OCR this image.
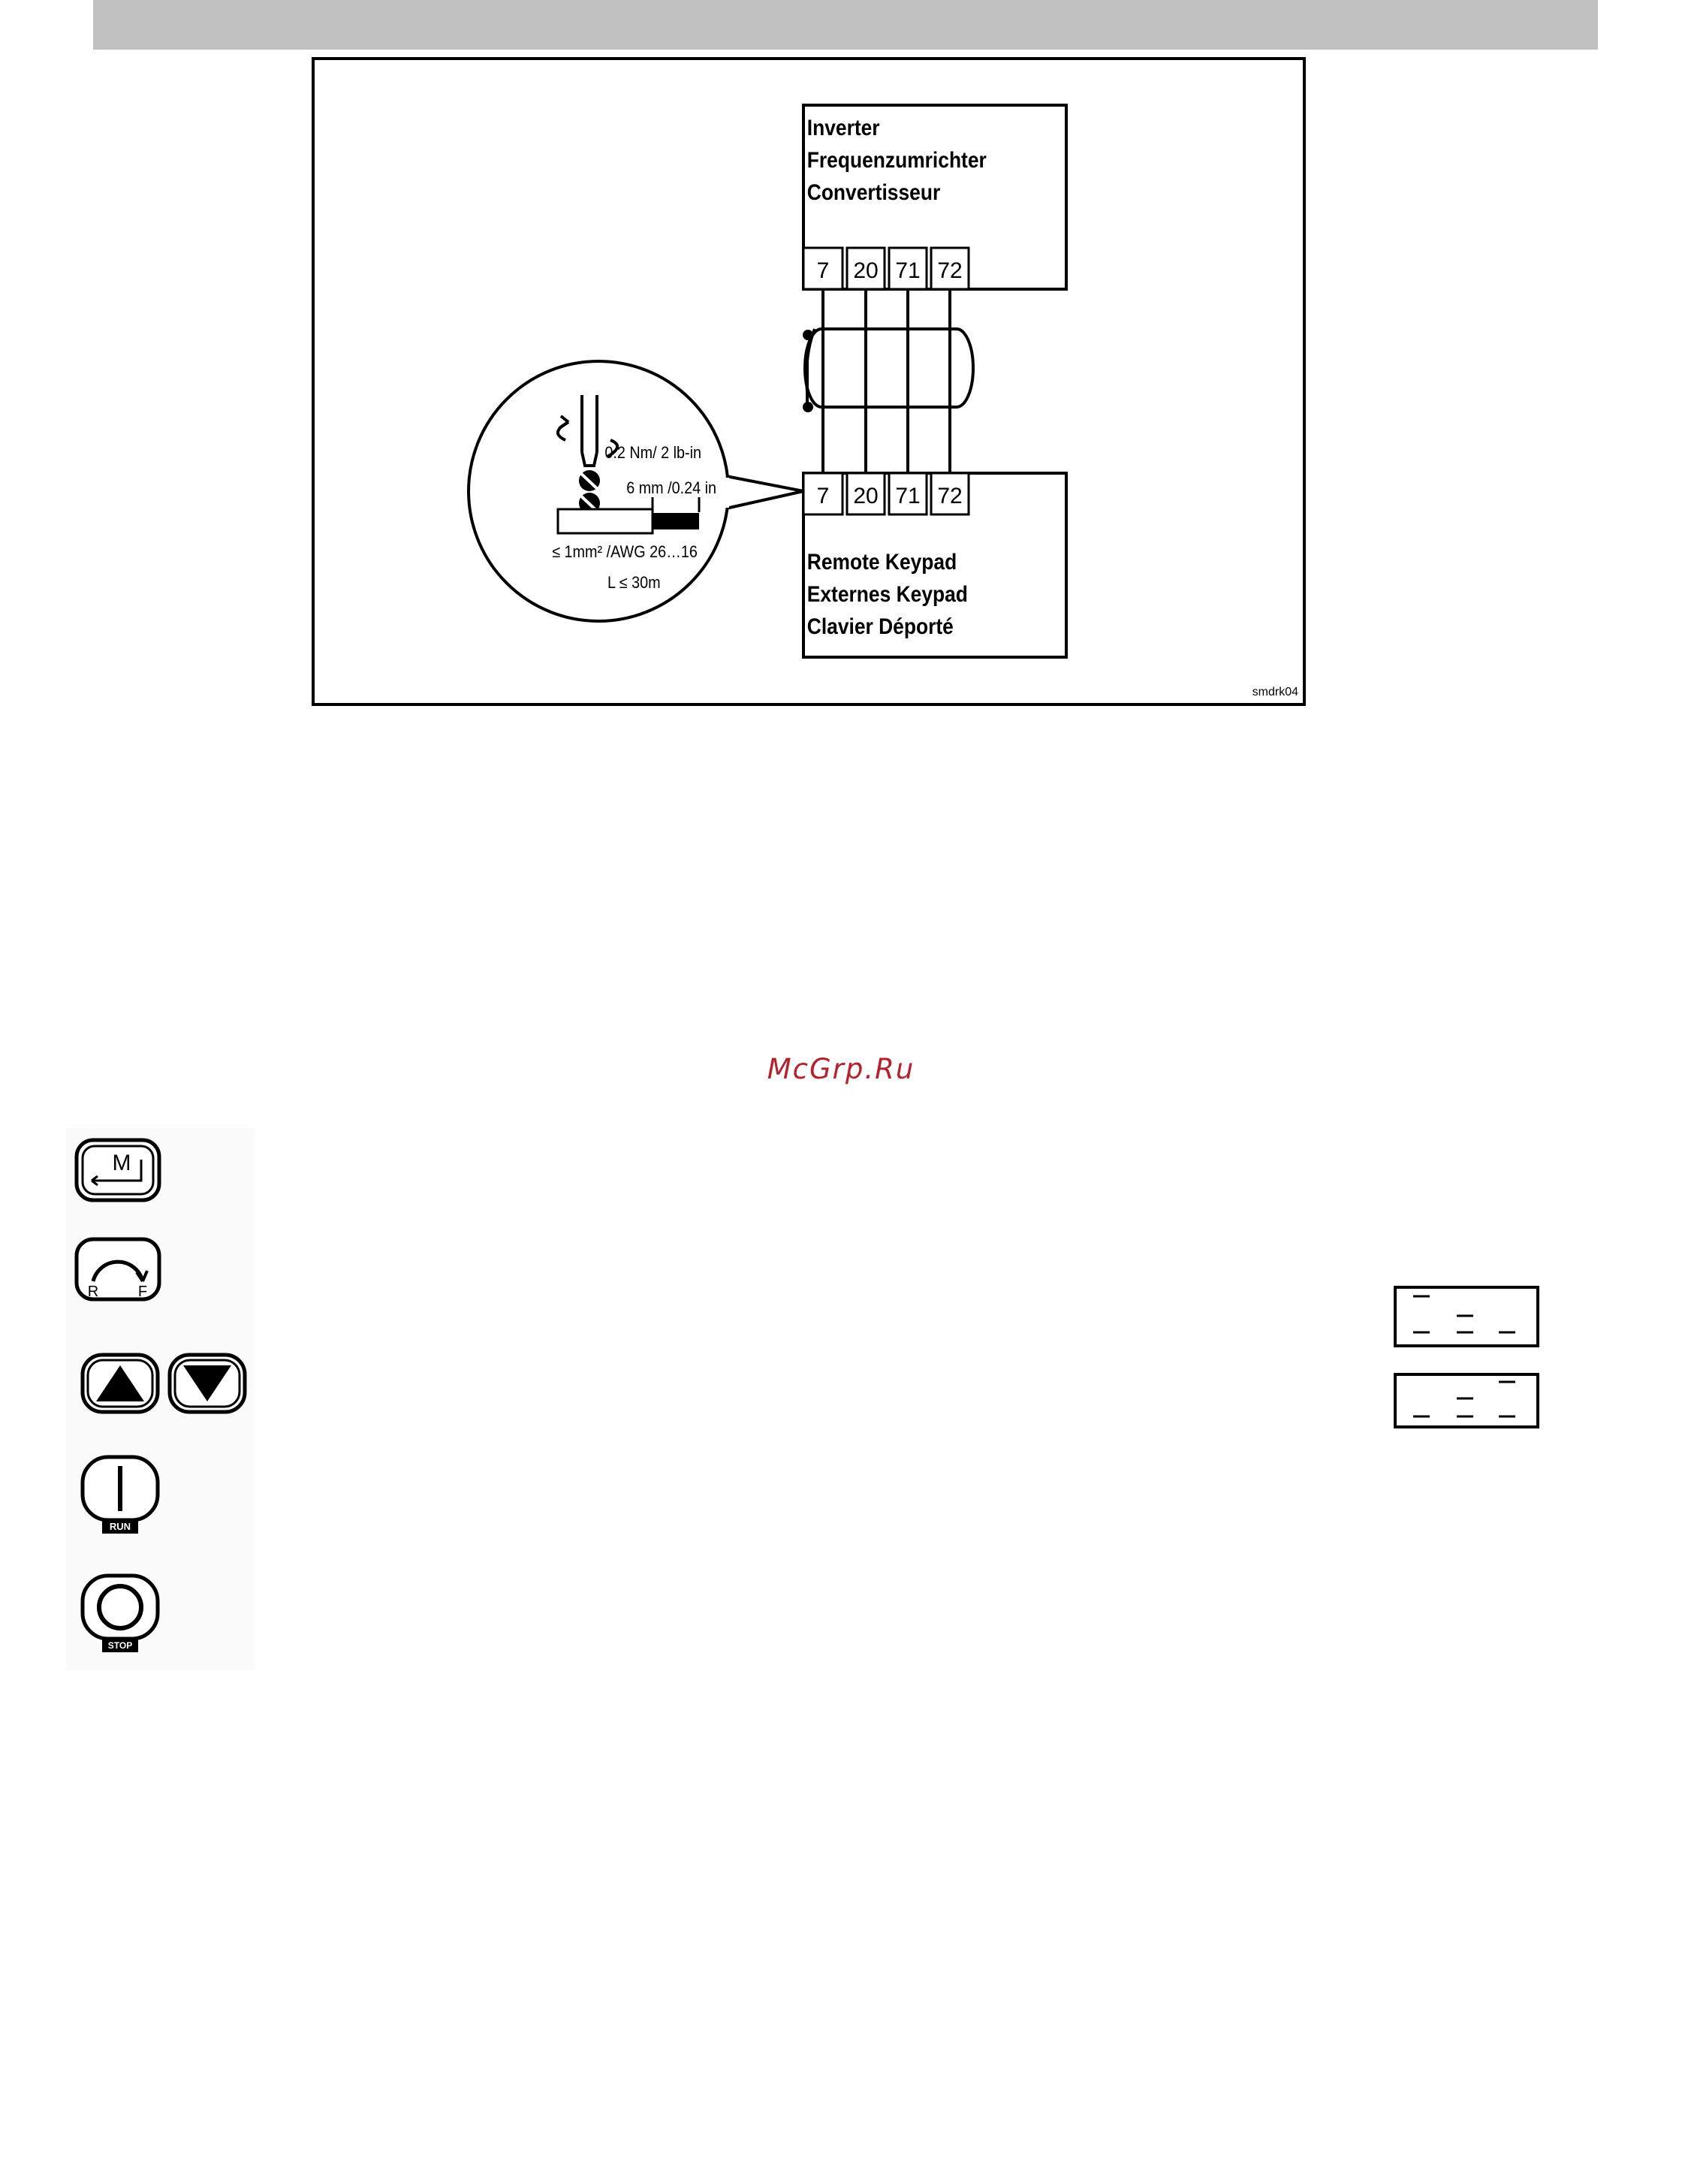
Inverter
Frequenzumrichter
Convertisseur
7 20 71 72
Remote Keypad
Externes Keypad
Clavier Déporté
7 20 71 72
0.2 Nm/ 2 lb-in
6 mm /0.24 in
≤ 1mm² /AWG 26…16
L ≤ 30m
smdrk04
McGrp.Ru
M
R	F
RUN
STOP
